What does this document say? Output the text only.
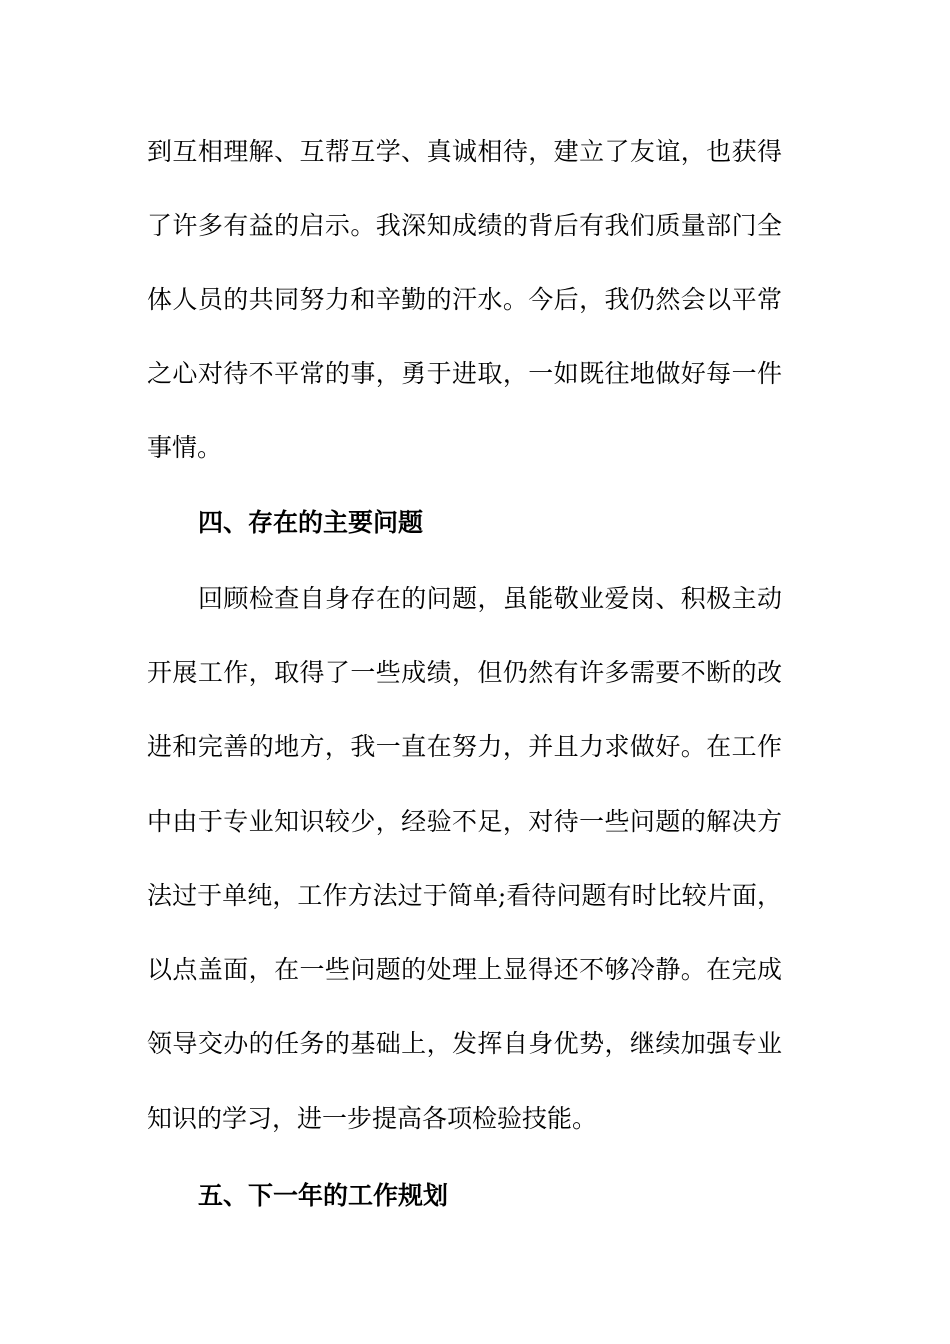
到互相理解、互帮互学、真诚相待，建立了友谊，也获得
了许多有益的启示。我深知成绩的背后有我们质量部门全
体人员的共同努力和辛勤的汗水。今后，我仍然会以平常
之心对待不平常的事，勇于进取，一如既往地做好每一件
事情。
四、存在的主要问题
回顾检查自身存在的问题，虽能敬业爱岗、积极主动
开展工作，取得了一些成绩，但仍然有许多需要不断的改
进和完善的地方，我一直在努力，并且力求做好。在工作
中由于专业知识较少，经验不足，对待一些问题的解决方
法过于单纯，工作方法过于简单;看待问题有时比较片面，
以点盖面，在一些问题的处理上显得还不够冷静。在完成
领导交办的任务的基础上，发挥自身优势，继续加强专业
知识的学习，进一步提高各项检验技能。
五、下一年的工作规划
